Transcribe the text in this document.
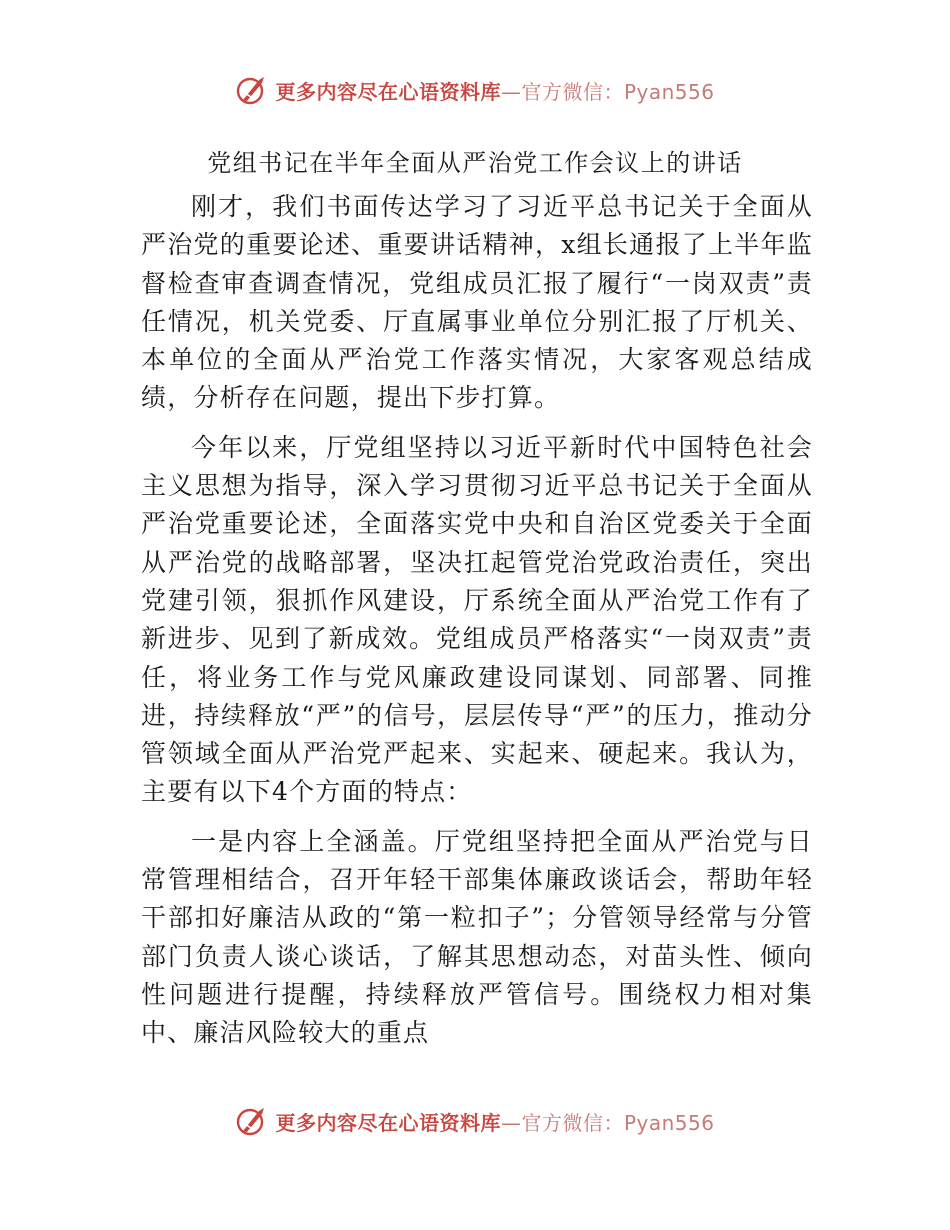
更多内容尽在心语资料库—官方微信：Pyan556
党组书记在半年全面从严治党工作会议上的讲话

刚才，我们书面传达学习了习近平总书记关于全面从严治党的重要论述、重要讲话精神，x组长通报了上半年监督检查审查调查情况，党组成员汇报了履行“一岗双责”责任情况，机关党委、厅直属事业单位分别汇报了厅机关、本单位的全面从严治党工作落实情况，大家客观总结成绩，分析存在问题，提出下步打算。

今年以来，厅党组坚持以习近平新时代中国特色社会主义思想为指导，深入学习贯彻习近平总书记关于全面从严治党重要论述，全面落实党中央和自治区党委关于全面从严治党的战略部署，坚决扛起管党治党政治责任，突出党建引领，狠抓作风建设，厅系统全面从严治党工作有了新进步、见到了新成效。党组成员严格落实“一岗双责”责任，将业务工作与党风廉政建设同谋划、同部署、同推进，持续释放“严”的信号，层层传导“严”的压力，推动分管领域全面从严治党严起来、实起来、硬起来。我认为，主要有以下4个方面的特点：

一是内容上全涵盖。厅党组坚持把全面从严治党与日常管理相结合，召开年轻干部集体廉政谈话会，帮助年轻干部扣好廉洁从政的“第一粒扣子”；分管领导经常与分管部门负责人谈心谈话，了解其思想动态，对苗头性、倾向性问题进行提醒，持续释放严管信号。围绕权力相对集中、廉洁风险较大的重点

更多内容尽在心语资料库—官方微信：Pyan556
